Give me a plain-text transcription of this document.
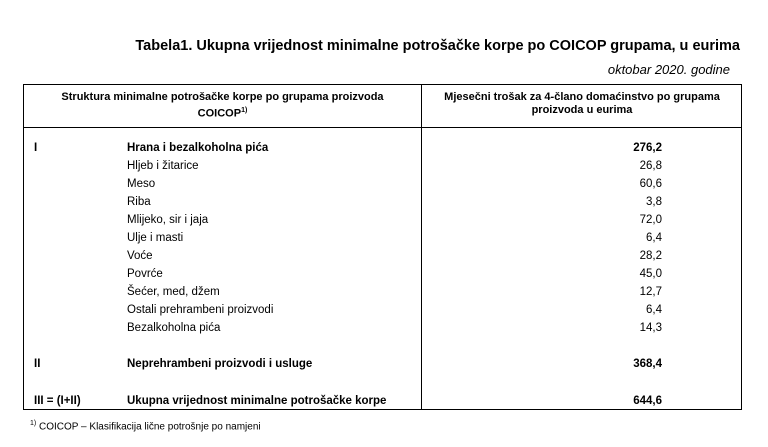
Tabela1. Ukupna vrijednost minimalne potrošačke korpe po COICOP grupama, u eurima
oktobar 2020. godine
Struktura minimalne potrošačke korpe po grupama proizvoda
COICOP$^{1)}$
Mjesečni trošak za 4-člano domaćinstvo po grupama
proizvoda u eurima
I	Hrana i bezalkoholna pića	276,2
Hljeb i žitarice	26,8
Meso	60,6
Riba	3,8
Mlijeko, sir i jaja	72,0
Ulje i masti	6,4
Voće	28,2
Povrće	45,0
Šećer, med, džem	12,7
Ostali prehrambeni proizvodi	6,4
Bezalkoholna pića	14,3
II	Neprehrambeni proizvodi i usluge	368,4
III = (I+II)	Ukupna vrijednost minimalne potrošačke korpe	644,6
$^{1)}$ COICOP – Klasifikacija lične potrošnje po namjeni
